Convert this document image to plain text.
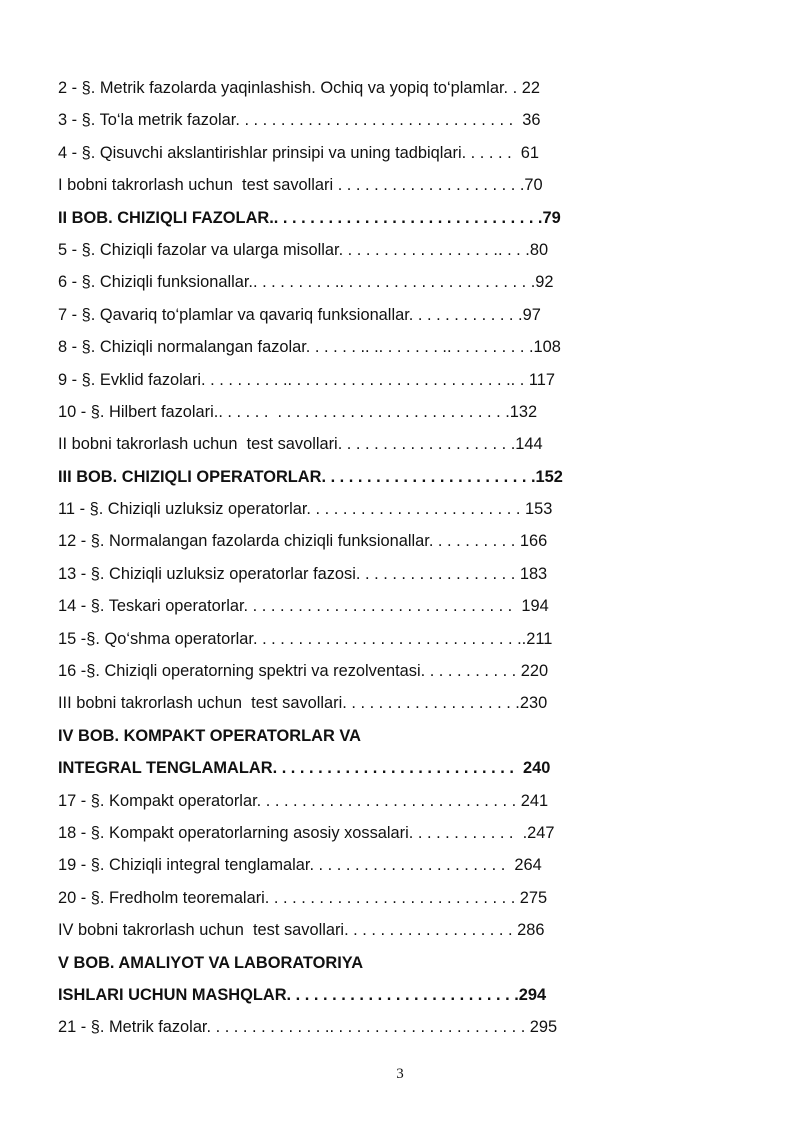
2 - §. Metrik fazolarda yaqinlashish. Ochiq va yopiq to‘plamlar. . 22
3 - §. To‘la metrik fazolar. . . . . . . . . . . . . . . . . . . . . . . . . . . . . . .  36
4 - §. Qisuvchi akslantirishlar prinsipi va uning tadbiqlari. . . . . .  61
I bobni takrorlash uchun  test savollari . . . . . . . . . . . . . . . . . . . . .70
II BOB. CHIZIQLI FAZOLAR.. . . . . . . . . . . . . . . . . . . . . . . . . . . . . .79
5 - §. Chiziqli fazolar va ularga misollar. . . . . . . . . . . . . . . . . .. . . .80
6 - §. Chiziqli funksionallar.. . . . . . . . . .. . . . . . . . . . . . . . . . . . . . . .92
7 - §. Qavariq to‘plamlar va qavariq funksionallar. . . . . . . . . . . . .97
8 - §. Chiziqli normalangan fazolar. . . . . . .. .. . . . . . . .. . . . . . . . . .108
9 - §. Evklid fazolari. . . . . . . . . .. . . . . . . . . . . . . . . . . . . . . . . . .. . 117
10 - §. Hilbert fazolari.. . . . . .  . . . . . . . . . . . . . . . . . . . . . . . . . .132
II bobni takrorlash uchun  test savollari. . . . . . . . . . . . . . . . . . . .144
III BOB. CHIZIQLI OPERATORLAR. . . . . . . . . . . . . . . . . . . . . . . .152
11 - §. Chiziqli uzluksiz operatorlar. . . . . . . . . . . . . . . . . . . . . . . . 153
12 - §. Normalangan fazolarda chiziqli funksionallar. . . . . . . . . . 166
13 - §. Chiziqli uzluksiz operatorlar fazosi. . . . . . . . . . . . . . . . . . 183
14 - §. Teskari operatorlar. . . . . . . . . . . . . . . . . . . . . . . . . . . . . .  194
15 -§. Qo‘shma operatorlar. . . . . . . . . . . . . . . . . . . . . . . . . . . . . ..211
16 -§. Chiziqli operatorning spektri va rezolventasi. . . . . . . . . . . 220
III bobni takrorlash uchun  test savollari. . . . . . . . . . . . . . . . . . . .230
IV BOB. KOMPAKT OPERATORLAR VA
INTEGRAL TENGLAMALAR. . . . . . . . . . . . . . . . . . . . . . . . . . .  240
17 - §. Kompakt operatorlar. . . . . . . . . . . . . . . . . . . . . . . . . . . . . 241
18 - §. Kompakt operatorlarning asosiy xossalari. . . . . . . . . . . .  .247
19 - §. Chiziqli integral tenglamalar. . . . . . . . . . . . . . . . . . . . . .  264
20 - §. Fredholm teoremalari. . . . . . . . . . . . . . . . . . . . . . . . . . . . 275
IV bobni takrorlash uchun  test savollari. . . . . . . . . . . . . . . . . . . 286
V BOB. AMALIYOT VA LABORATORIYA
ISHLARI UCHUN MASHQLAR. . . . . . . . . . . . . . . . . . . . . . . . . .294
21 - §. Metrik fazolar. . . . . . . . . . . . . .. . . . . . . . . . . . . . . . . . . . . . 295
3
